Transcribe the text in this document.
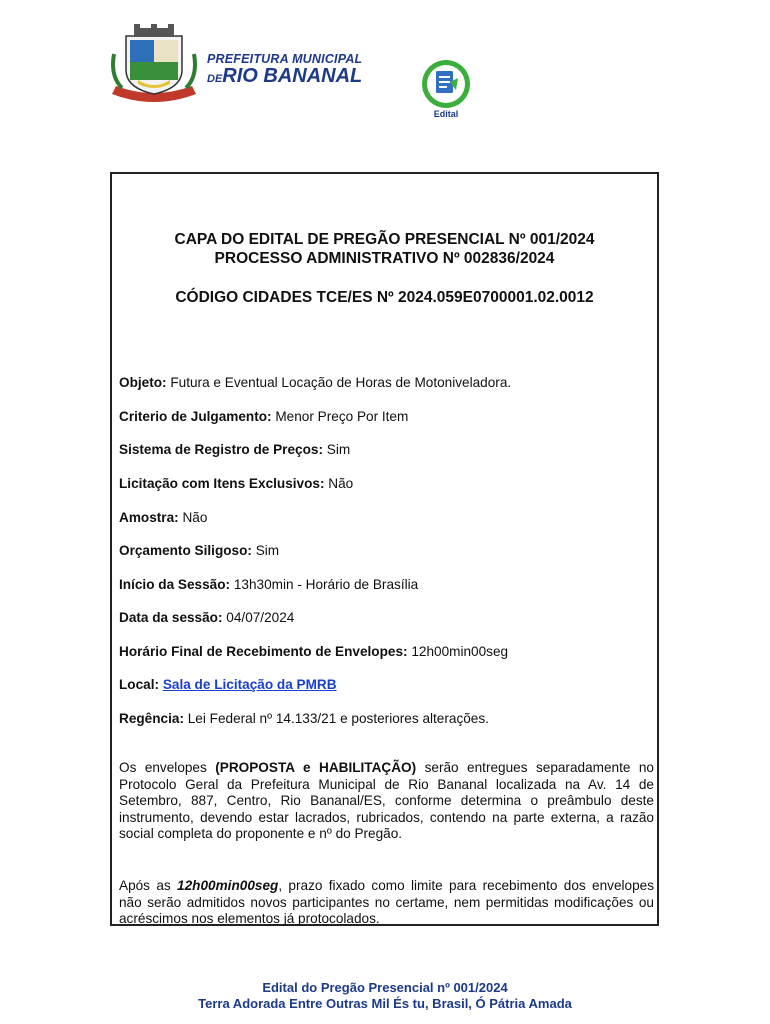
PREFEITURA MUNICIPAL
DERIO BANANAL
Edital
CAPA DO EDITAL DE PREGÃO PRESENCIAL Nº 001/2024
PROCESSO ADMINISTRATIVO Nº 002836/2024
CÓDIGO CIDADES TCE/ES Nº 2024.059E0700001.02.0012
Objeto: Futura e Eventual Locação de Horas de Motoniveladora.
Criterio de Julgamento: Menor Preço Por Item
Sistema de Registro de Preços: Sim
Licitação com Itens Exclusivos: Não
Amostra: Não
Orçamento Siligoso: Sim
Início da Sessão: 13h30min - Horário de Brasília
Data da sessão: 04/07/2024
Horário Final de Recebimento de Envelopes: 12h00min00seg
Local: Sala de Licitação da PMRB
Regência: Lei Federal nº 14.133/21 e posteriores alterações.
Os envelopes (PROPOSTA e HABILITAÇÃO) serão entregues separadamente no Protocolo Geral da Prefeitura Municipal de Rio Bananal localizada na Av. 14 de Setembro, 887, Centro, Rio Bananal/ES, conforme determina o preâmbulo deste instrumento, devendo estar lacrados, rubricados, contendo na parte externa, a razão social completa do proponente e nº do Pregão.
Após as 12h00min00seg, prazo fixado como limite para recebimento dos envelopes não serão admitidos novos participantes no certame, nem permitidas modificações ou acréscimos nos elementos já protocolados.
Edital do Pregão Presencial nº 001/2024
Terra Adorada Entre Outras Mil És tu, Brasil, Ó Pátria Amada
